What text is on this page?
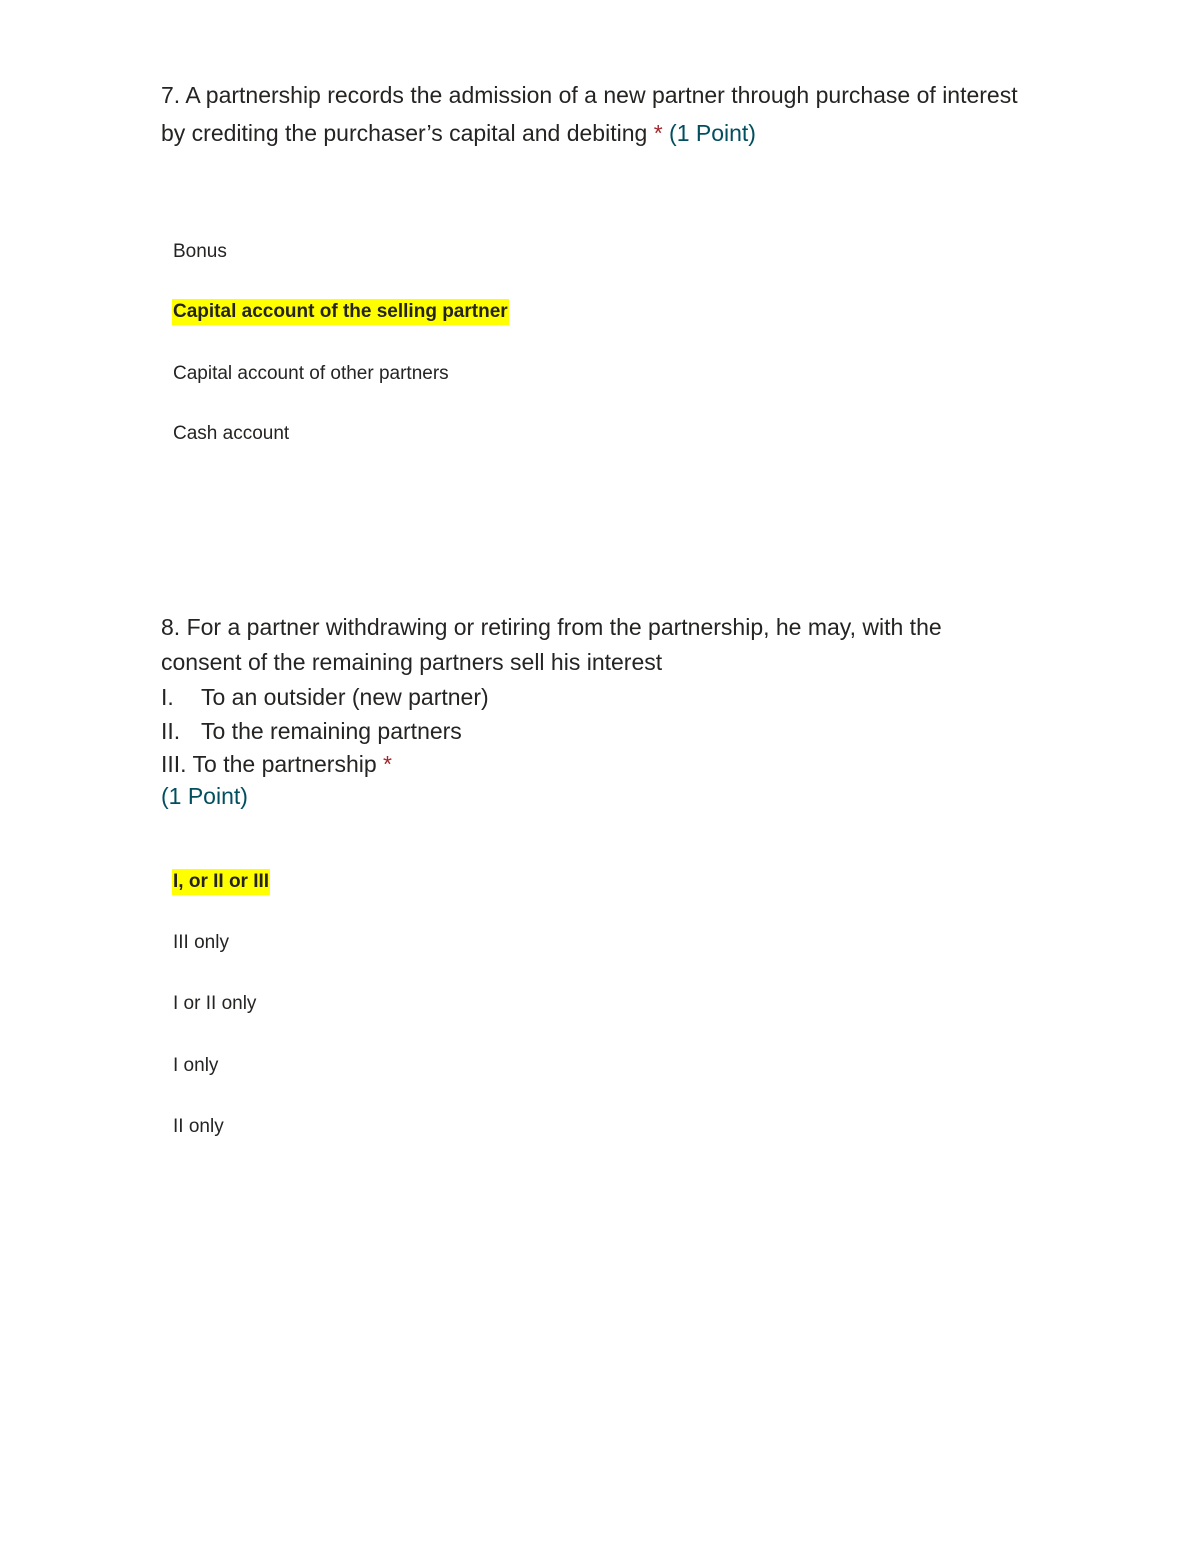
7. A partnership records the admission of a new partner through purchase of interest by crediting the purchaser’s capital and debiting * (1 Point)

Bonus
Capital account of the selling partner
Capital account of other partners
Cash account

8. For a partner withdrawing or retiring from the partnership, he may, with the consent of the remaining partners sell his interest

I. To an outsider (new partner)

II. To the remaining partners

III. To the partnership *

(1 Point)

I, or II or III
III only
I or II only
I only
II only
